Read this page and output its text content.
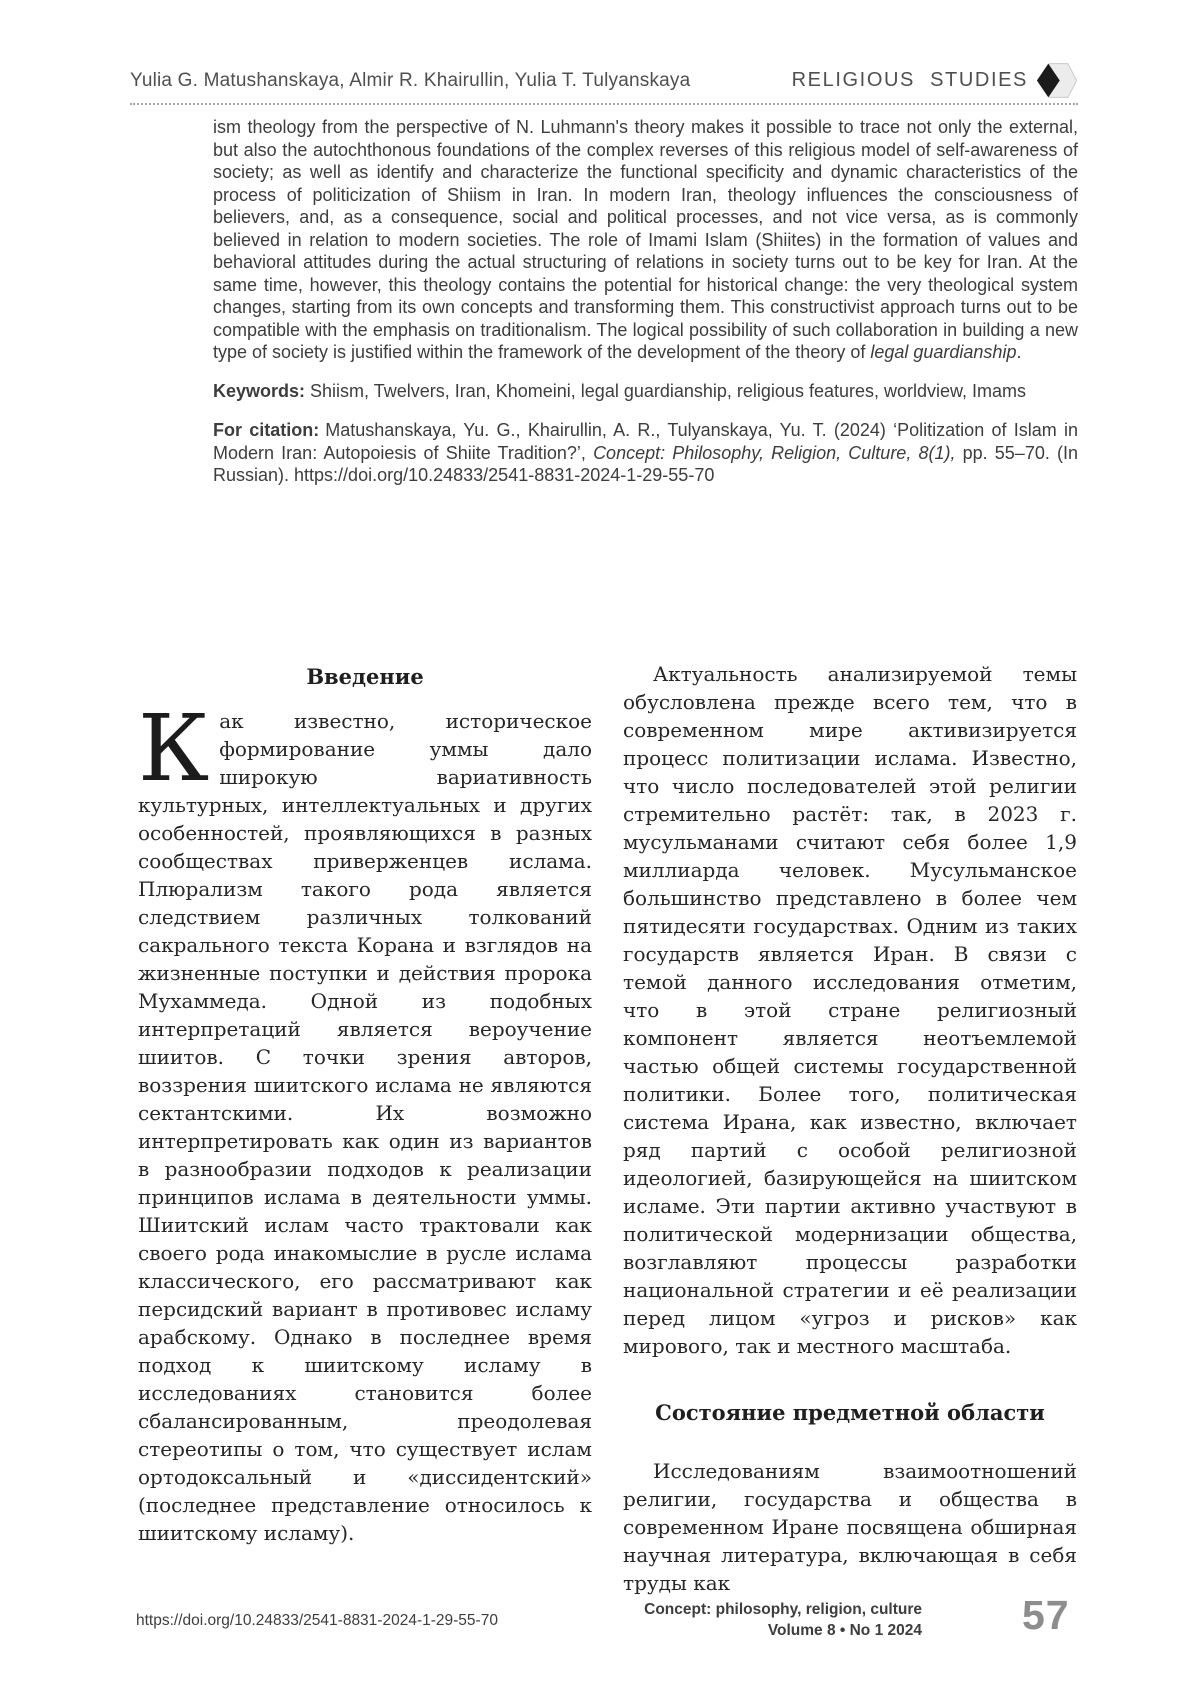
Yulia G. Matushanskaya, Almir R. Khairullin, Yulia T. Tulyanskaya	RELIGIOUS STUDIES

ism theology from the perspective of N. Luhmann's theory makes it possible to trace not only the external, but also the autochthonous foundations of the complex reverses of this religious model of self-awareness of society; as well as identify and characterize the functional specificity and dynamic characteristics of the process of politicization of Shiism in Iran. In modern Iran, theology influences the consciousness of believers, and, as a consequence, social and political processes, and not vice versa, as is commonly believed in relation to modern societies. The role of Imami Islam (Shiites) in the formation of values and behavioral attitudes during the actual structuring of relations in society turns out to be key for Iran. At the same time, however, this theology contains the potential for historical change: the very theological system changes, starting from its own concepts and transforming them. This constructivist approach turns out to be compatible with the emphasis on traditionalism. The logical possibility of such collaboration in building a new type of society is justified within the framework of the development of the theory of legal guardianship.

Keywords: Shiism, Twelvers, Iran, Khomeini, legal guardianship, religious features, worldview, Imams

For citation: Matushanskaya, Yu. G., Khairullin, A. R., Tulyanskaya, Yu. T. (2024) ‘Politization of Islam in Modern Iran: Autopoiesis of Shiite Tradition?’, Concept: Philosophy, Religion, Culture, 8(1), pp. 55–70. (In Russian). https://doi.org/10.24833/2541-8831-2024-1-29-55-70

Введение

Как известно, историческое формирование уммы дало широкую вариативность культурных, интеллектуальных и других особенностей, проявляющихся в разных сообществах приверженцев ислама. Плюрализм такого рода является следствием различных толкований сакрального текста Корана и взглядов на жизненные поступки и действия пророка Мухаммеда. Одной из подобных интерпретаций является вероучение шиитов. С точки зрения авторов, воззрения шиитского ислама не являются сектантскими. Их возможно интерпретировать как один из вариантов в разнообразии подходов к реализации принципов ислама в деятельности уммы. Шиитский ислам часто трактовали как своего рода инакомыслие в русле ислама классического, его рассматривают как персидский вариант в противовес исламу арабскому. Однако в последнее время подход к шиитскому исламу в исследованиях становится более сбалансированным, преодолевая стереотипы о том, что существует ислам ортодоксальный и «диссидентский» (последнее представление относилось к шиитскому исламу).

Актуальность анализируемой темы обусловлена прежде всего тем, что в современном мире активизируется процесс политизации ислама. Известно, что число последователей этой религии стремительно растёт: так, в 2023 г. мусульманами считают себя более 1,9 миллиарда человек. Мусульманское большинство представлено в более чем пятидесяти государствах. Одним из таких государств является Иран. В связи с темой данного исследования отметим, что в этой стране религиозный компонент является неотъемлемой частью общей системы государственной политики. Более того, политическая система Ирана, как известно, включает ряд партий с особой религиозной идеологией, базирующейся на шиитском исламе. Эти партии активно участвуют в политической модернизации общества, возглавляют процессы разработки национальной стратегии и её реализации перед лицом «угроз и рисков» как мирового, так и местного масштаба.

Состояние предметной области

Исследованиям взаимоотношений религии, государства и общества в современном Иране посвящена обширная научная литература, включающая в себя труды как

https://doi.org/10.24833/2541-8831-2024-1-29-55-70
Concept: philosophy, religion, culture
Volume 8 • No 1 2024 57
